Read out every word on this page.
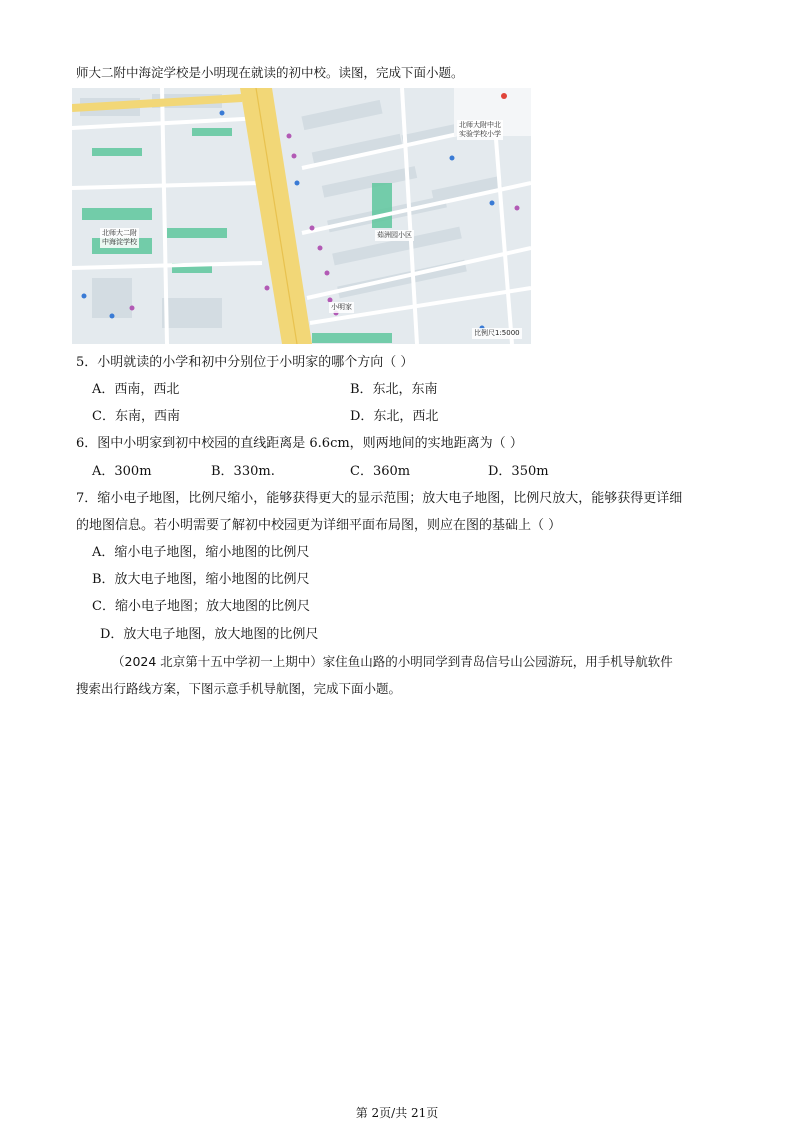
师大二附中海淀学校是小明现在就读的初中校。读图，完成下面小题。
北师大二附
中海淀学校
北师大附中北
实验学校小学
茹洲园小区
小明家
比例尺1:5000
5．小明就读的小学和初中分别位于小明家的哪个方向（ ）
A．西南，西北	B．东北，东南
C．东南，西南	D．东北，西北
6．图中小明家到初中校园的直线距离是 6.6cm，则两地间的实地距离为（ ）
A．300m	B．330m.	C．360m	D．350m
7．缩小电子地图，比例尺缩小，能够获得更大的显示范围；放大电子地图，比例尺放大，能够获得更详细
的地图信息。若小明需要了解初中校园更为详细平面布局图，则应在图的基础上（ ）
A．缩小电子地图，缩小地图的比例尺
B．放大电子地图，缩小地图的比例尺
C．缩小电子地图；放大地图的比例尺
D．放大电子地图，放大地图的比例尺
（2024 北京第十五中学初一上期中）家住鱼山路的小明同学到青岛信号山公园游玩，用手机导航软件
搜索出行路线方案，下图示意手机导航图，完成下面小题。
第 2页/共 21页
